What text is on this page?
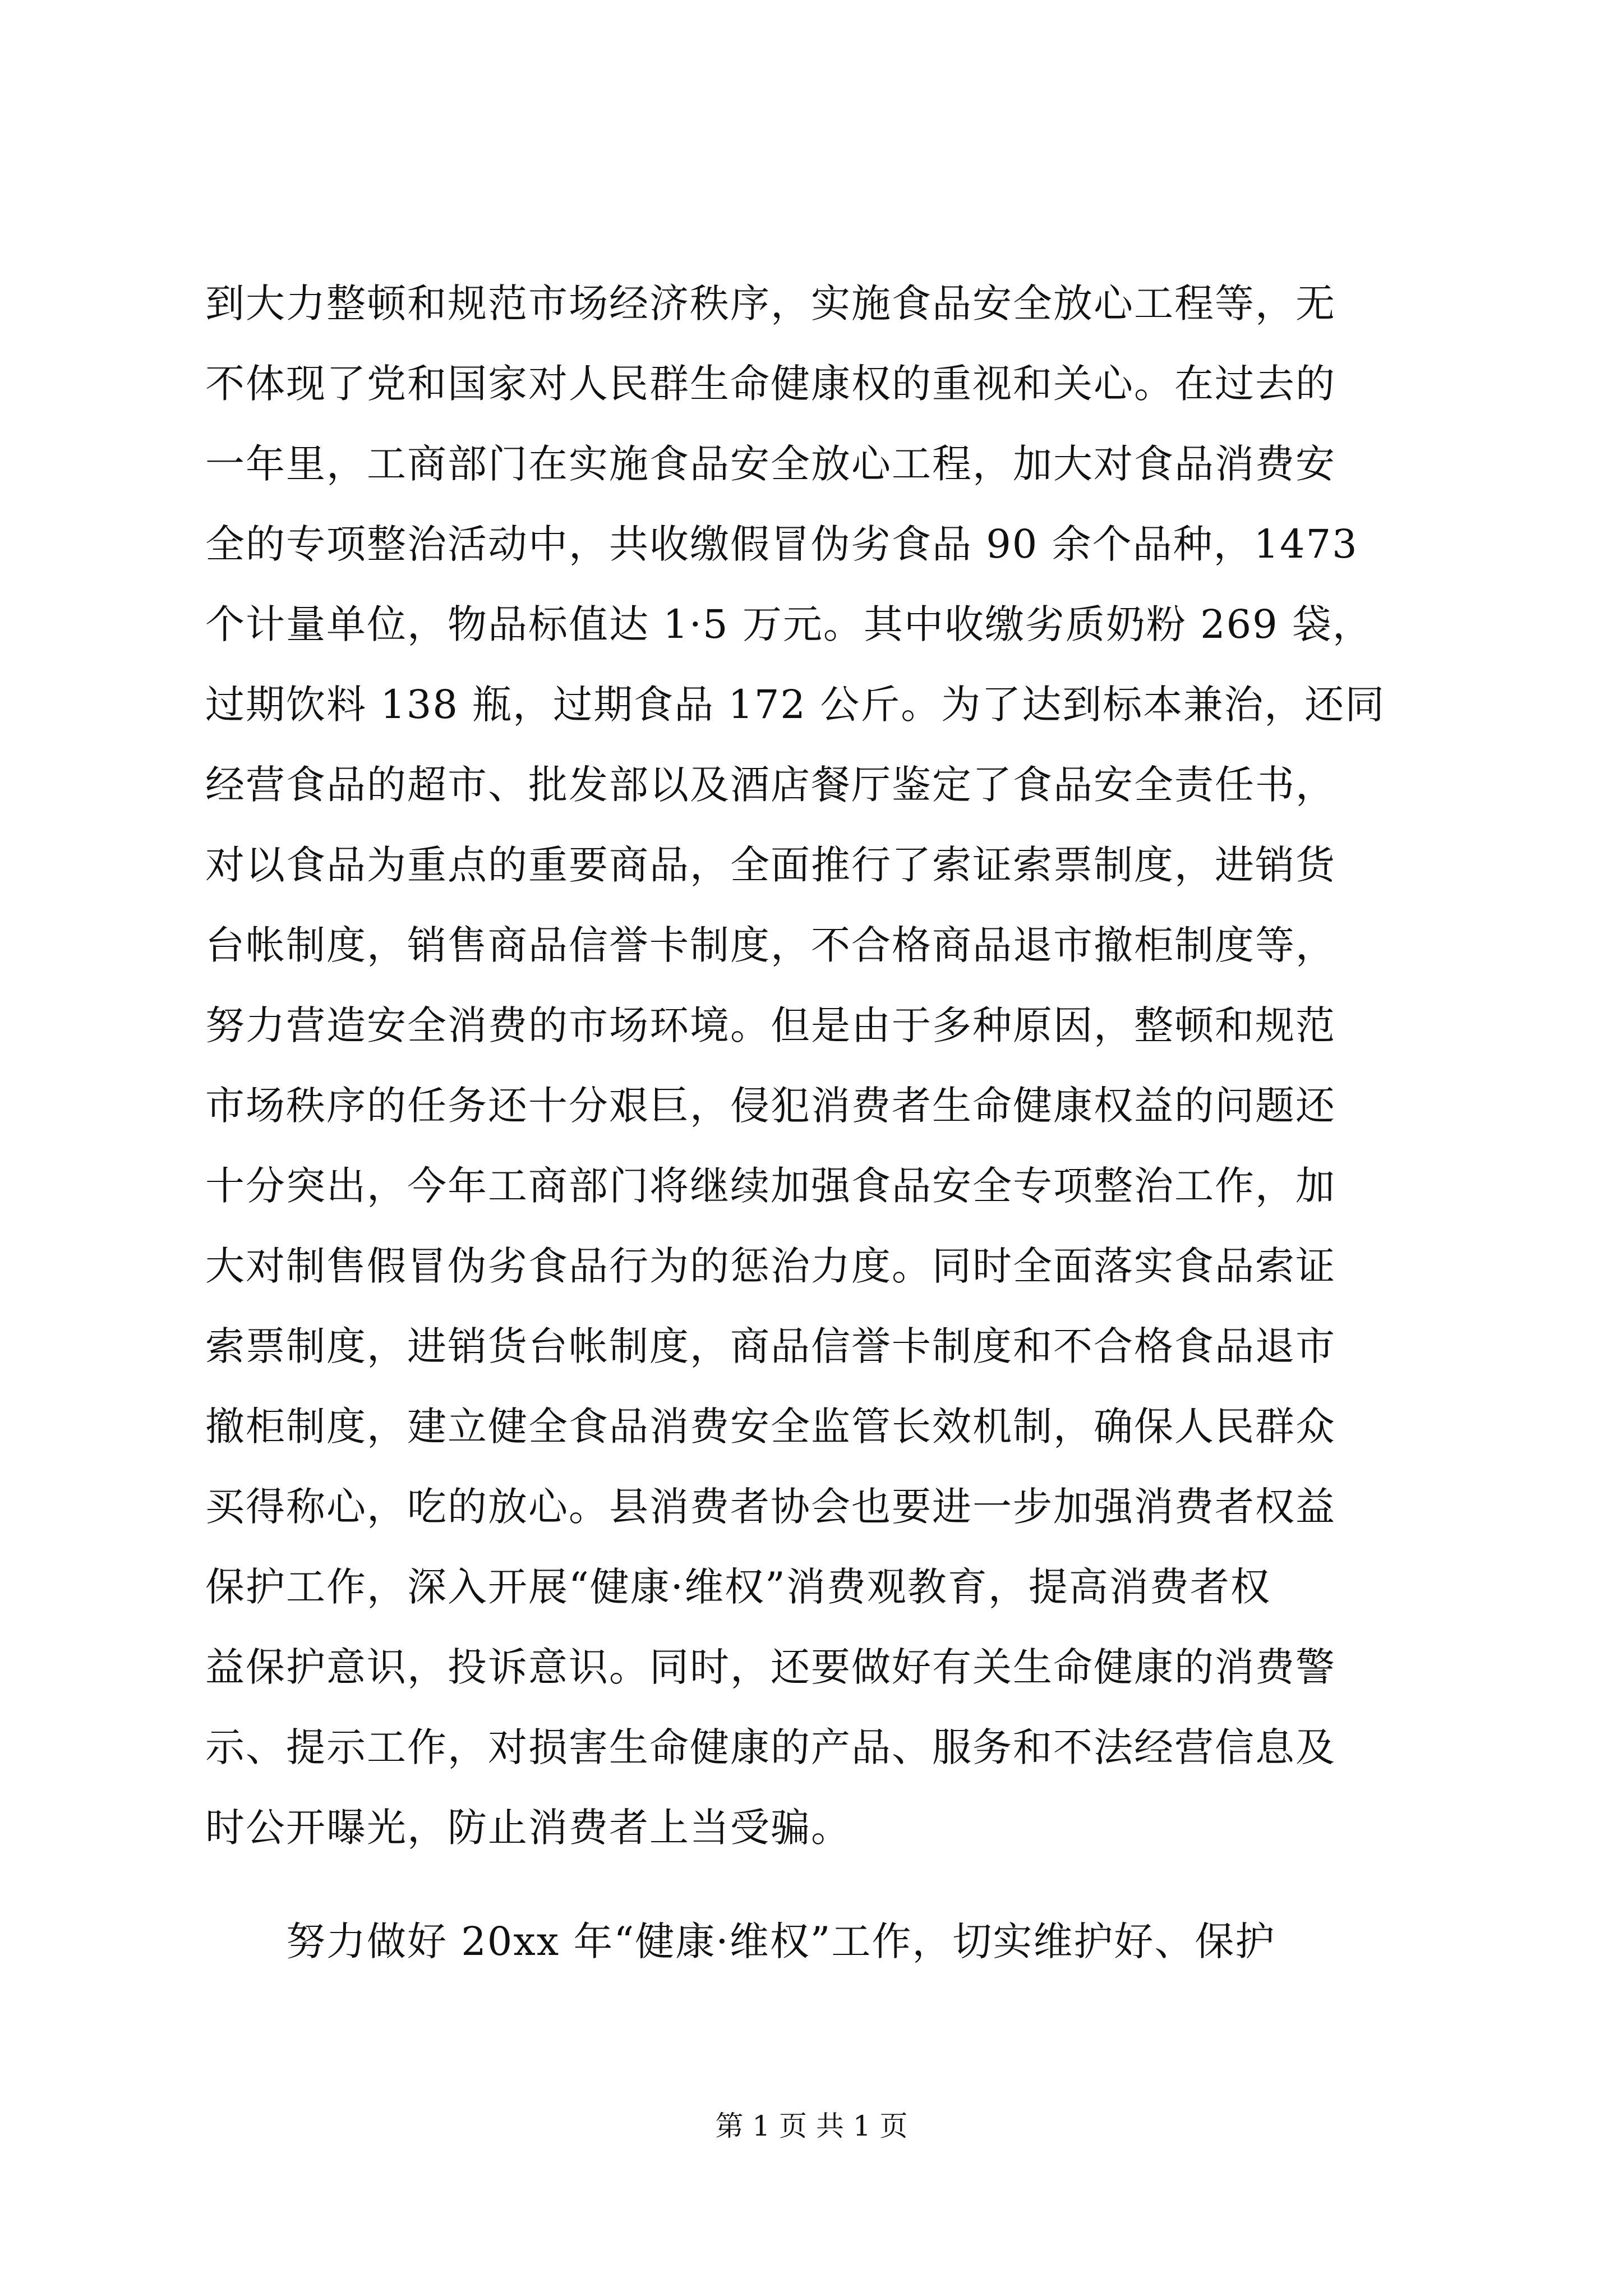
到大力整顿和规范市场经济秩序，实施食品安全放心工程等，无
不体现了党和国家对人民群生命健康权的重视和关心。在过去的
一年里，工商部门在实施食品安全放心工程，加大对食品消费安
全的专项整治活动中，共收缴假冒伪劣食品 90 余个品种，1473
个计量单位，物品标值达 1·5 万元。其中收缴劣质奶粉 269 袋，
过期饮料 138 瓶，过期食品 172 公斤。为了达到标本兼治，还同
经营食品的超市、批发部以及酒店餐厅鉴定了食品安全责任书，
对以食品为重点的重要商品，全面推行了索证索票制度，进销货
台帐制度，销售商品信誉卡制度，不合格商品退市撤柜制度等，
努力营造安全消费的市场环境。但是由于多种原因，整顿和规范
市场秩序的任务还十分艰巨，侵犯消费者生命健康权益的问题还
十分突出，今年工商部门将继续加强食品安全专项整治工作，加
大对制售假冒伪劣食品行为的惩治力度。同时全面落实食品索证
索票制度，进销货台帐制度，商品信誉卡制度和不合格食品退市
撤柜制度，建立健全食品消费安全监管长效机制，确保人民群众
买得称心，吃的放心。县消费者协会也要进一步加强消费者权益
保护工作，深入开展“健康·维权”消费观教育，提高消费者权
益保护意识，投诉意识。同时，还要做好有关生命健康的消费警
示、提示工作，对损害生命健康的产品、服务和不法经营信息及
时公开曝光，防止消费者上当受骗。
　　努力做好 20xx 年“健康·维权”工作，切实维护好、保护
第 1 页 共 1 页
